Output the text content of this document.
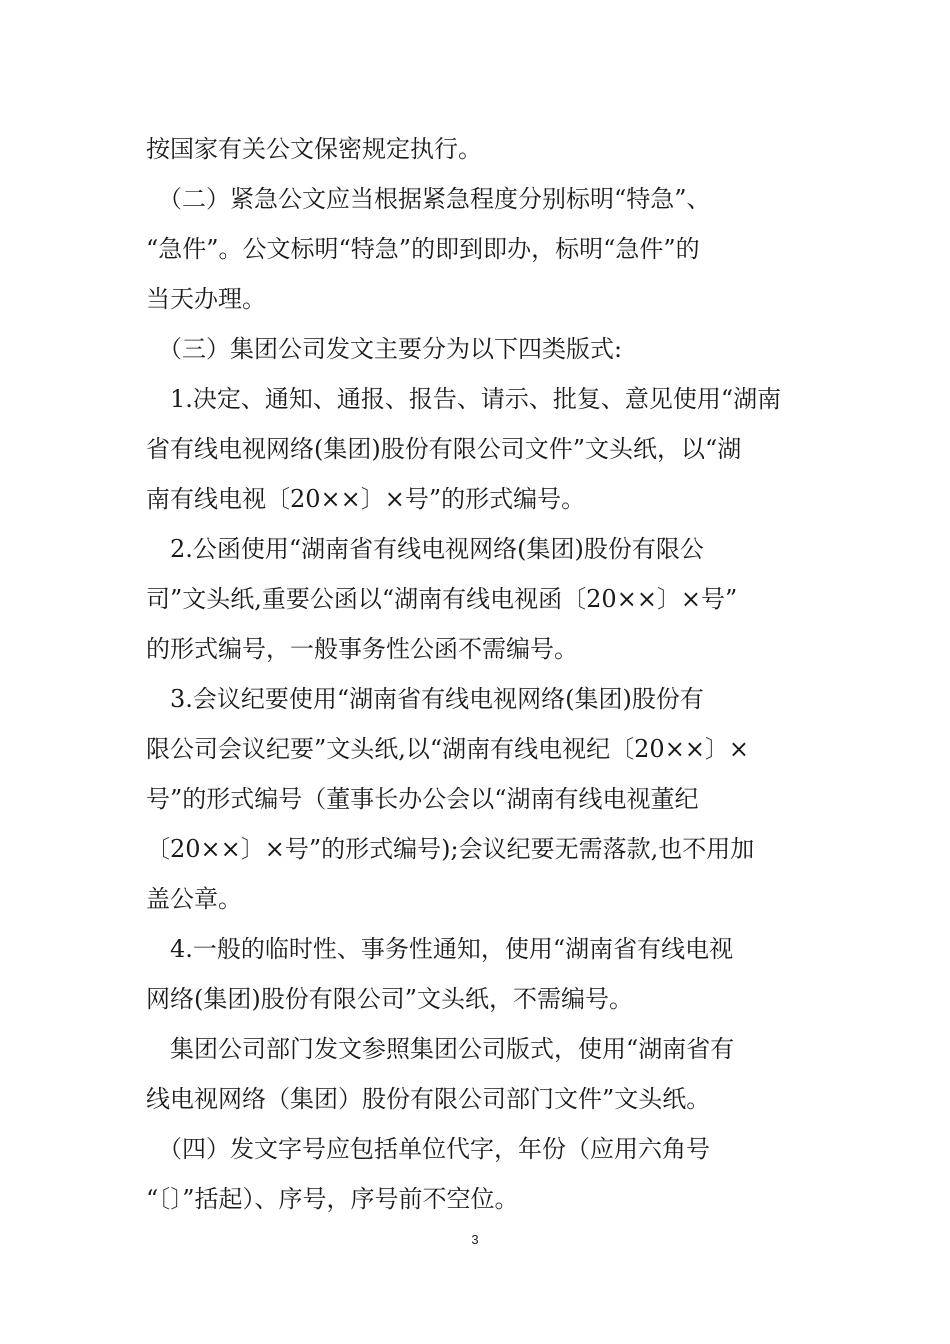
按国家有关公文保密规定执行。
　（二）紧急公文应当根据紧急程度分别标明“特急”、
“急件”。公文标明“特急”的即到即办，标明“急件”的
当天办理。
　（三）集团公司发文主要分为以下四类版式:
　1.决定、通知、通报、报告、请示、批复、意见使用“湖南
省有线电视网络(集团)股份有限公司文件”文头纸，以“湖
南有线电视〔20××〕×号”的形式编号。
　2.公函使用“湖南省有线电视网络(集团)股份有限公
司”文头纸,重要公函以“湖南有线电视函〔20××〕×号”
的形式编号，一般事务性公函不需编号。
　3.会议纪要使用“湖南省有线电视网络(集团)股份有
限公司会议纪要”文头纸,以“湖南有线电视纪〔20××〕×
号”的形式编号（董事长办公会以“湖南有线电视董纪
〔20××〕×号”的形式编号);会议纪要无需落款,也不用加
盖公章。
　4.一般的临时性、事务性通知，使用“湖南省有线电视
网络(集团)股份有限公司”文头纸，不需编号。
　集团公司部门发文参照集团公司版式，使用“湖南省有
线电视网络（集团）股份有限公司部门文件”文头纸。
　（四）发文字号应包括单位代字，年份（应用六角号
“〔〕”括起）、序号，序号前不空位。
3
